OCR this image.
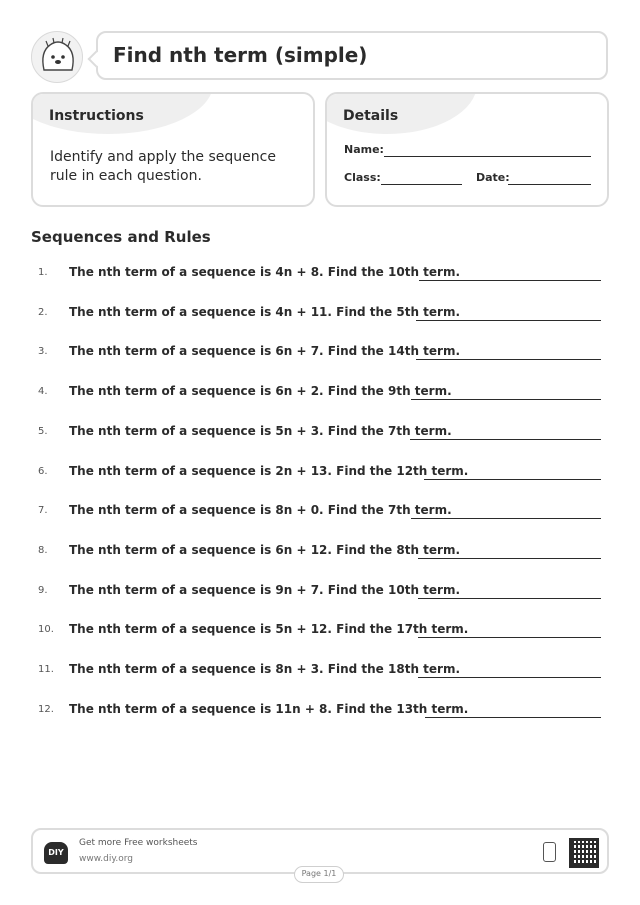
Find nth term (simple)
Instructions
Identify and apply the sequence rule in each question.
Details
Name:
Class:	Date:
Sequences and Rules
1. The nth term of a sequence is 4n + 8. Find the 10th term.
2. The nth term of a sequence is 4n + 11. Find the 5th term.
3. The nth term of a sequence is 6n + 7. Find the 14th term.
4. The nth term of a sequence is 6n + 2. Find the 9th term.
5. The nth term of a sequence is 5n + 3. Find the 7th term.
6. The nth term of a sequence is 2n + 13. Find the 12th term.
7. The nth term of a sequence is 8n + 0. Find the 7th term.
8. The nth term of a sequence is 6n + 12. Find the 8th term.
9. The nth term of a sequence is 9n + 7. Find the 10th term.
10. The nth term of a sequence is 5n + 12. Find the 17th term.
11. The nth term of a sequence is 8n + 3. Find the 18th term.
12. The nth term of a sequence is 11n + 8. Find the 13th term.
DIY
Get more Free worksheets
www.diy.org
Page 1/1
